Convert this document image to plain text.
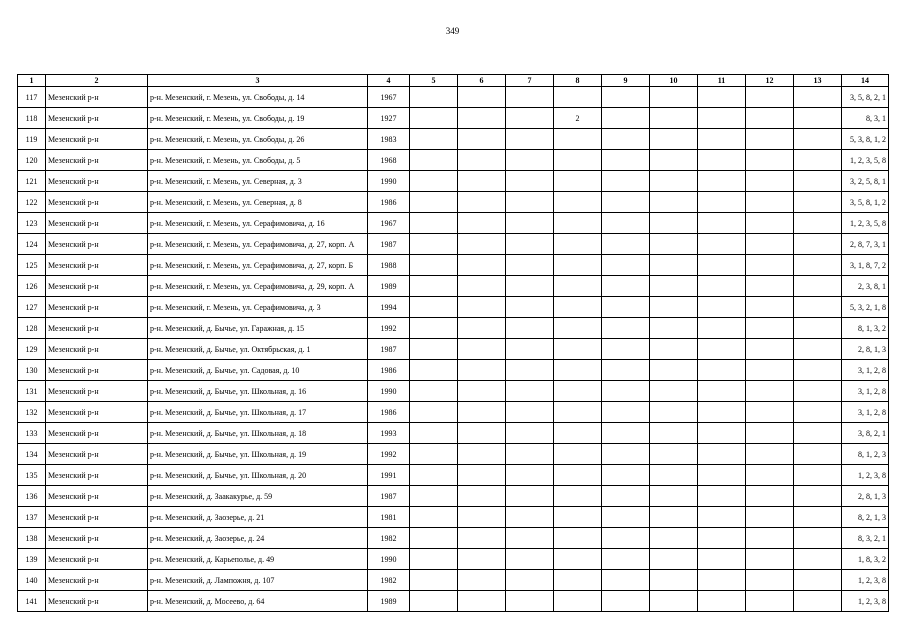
349
1	2	3	4	5	6	7	8	9	10	11	12	13	14
117	Мезенский р-н	р-н. Мезенский, г. Мезень, ул. Свободы, д. 14	1967										3, 5, 8, 2, 1
118	Мезенский р-н	р-н. Мезенский, г. Мезень, ул. Свободы, д. 19	1927				2						8, 3, 1
119	Мезенский р-н	р-н. Мезенский, г. Мезень, ул. Свободы, д. 26	1983										5, 3, 8, 1, 2
120	Мезенский р-н	р-н. Мезенский, г. Мезень, ул. Свободы, д. 5	1968										1, 2, 3, 5, 8
121	Мезенский р-н	р-н. Мезенский, г. Мезень, ул. Северная, д. 3	1990										3, 2, 5, 8, 1
122	Мезенский р-н	р-н. Мезенский, г. Мезень, ул. Северная, д. 8	1986										3, 5, 8, 1, 2
123	Мезенский р-н	р-н. Мезенский, г. Мезень, ул. Серафимовича, д. 16	1967										1, 2, 3, 5, 8
124	Мезенский р-н	р-н. Мезенский, г. Мезень, ул. Серафимовича, д. 27, корп. А	1987										2, 8, 7, 3, 1
125	Мезенский р-н	р-н. Мезенский, г. Мезень, ул. Серафимовича, д. 27, корп. Б	1988										3, 1, 8, 7, 2
126	Мезенский р-н	р-н. Мезенский, г. Мезень, ул. Серафимовича, д. 29, корп. А	1989										2, 3, 8, 1
127	Мезенский р-н	р-н. Мезенский, г. Мезень, ул. Серафимовича, д. 3	1994										5, 3, 2, 1, 8
128	Мезенский р-н	р-н. Мезенский, д. Бычье, ул. Гаражная, д. 15	1992										8, 1, 3, 2
129	Мезенский р-н	р-н. Мезенский, д. Бычье, ул. Октябрьская, д. 1	1987										2, 8, 1, 3
130	Мезенский р-н	р-н. Мезенский, д. Бычье, ул. Садовая, д. 10	1986										3, 1, 2, 8
131	Мезенский р-н	р-н. Мезенский, д. Бычье, ул. Школьная, д. 16	1990										3, 1, 2, 8
132	Мезенский р-н	р-н. Мезенский, д. Бычье, ул. Школьная, д. 17	1986										3, 1, 2, 8
133	Мезенский р-н	р-н. Мезенский, д. Бычье, ул. Школьная, д. 18	1993										3, 8, 2, 1
134	Мезенский р-н	р-н. Мезенский, д. Бычье, ул. Школьная, д. 19	1992										8, 1, 2, 3
135	Мезенский р-н	р-н. Мезенский, д. Бычье, ул. Школьная, д. 20	1991										1, 2, 3, 8
136	Мезенский р-н	р-н. Мезенский, д. Заакакурье, д. 59	1987										2, 8, 1, 3
137	Мезенский р-н	р-н. Мезенский, д. Заозерье, д. 21	1981										8, 2, 1, 3
138	Мезенский р-н	р-н. Мезенский, д. Заозерье, д. 24	1982										8, 3, 2, 1
139	Мезенский р-н	р-н. Мезенский, д. Карьеполье, д. 49	1990										1, 8, 3, 2
140	Мезенский р-н	р-н. Мезенский, д. Лампожня, д. 107	1982										1, 2, 3, 8
141	Мезенский р-н	р-н. Мезенский, д. Мосеево, д. 64	1989										1, 2, 3, 8
